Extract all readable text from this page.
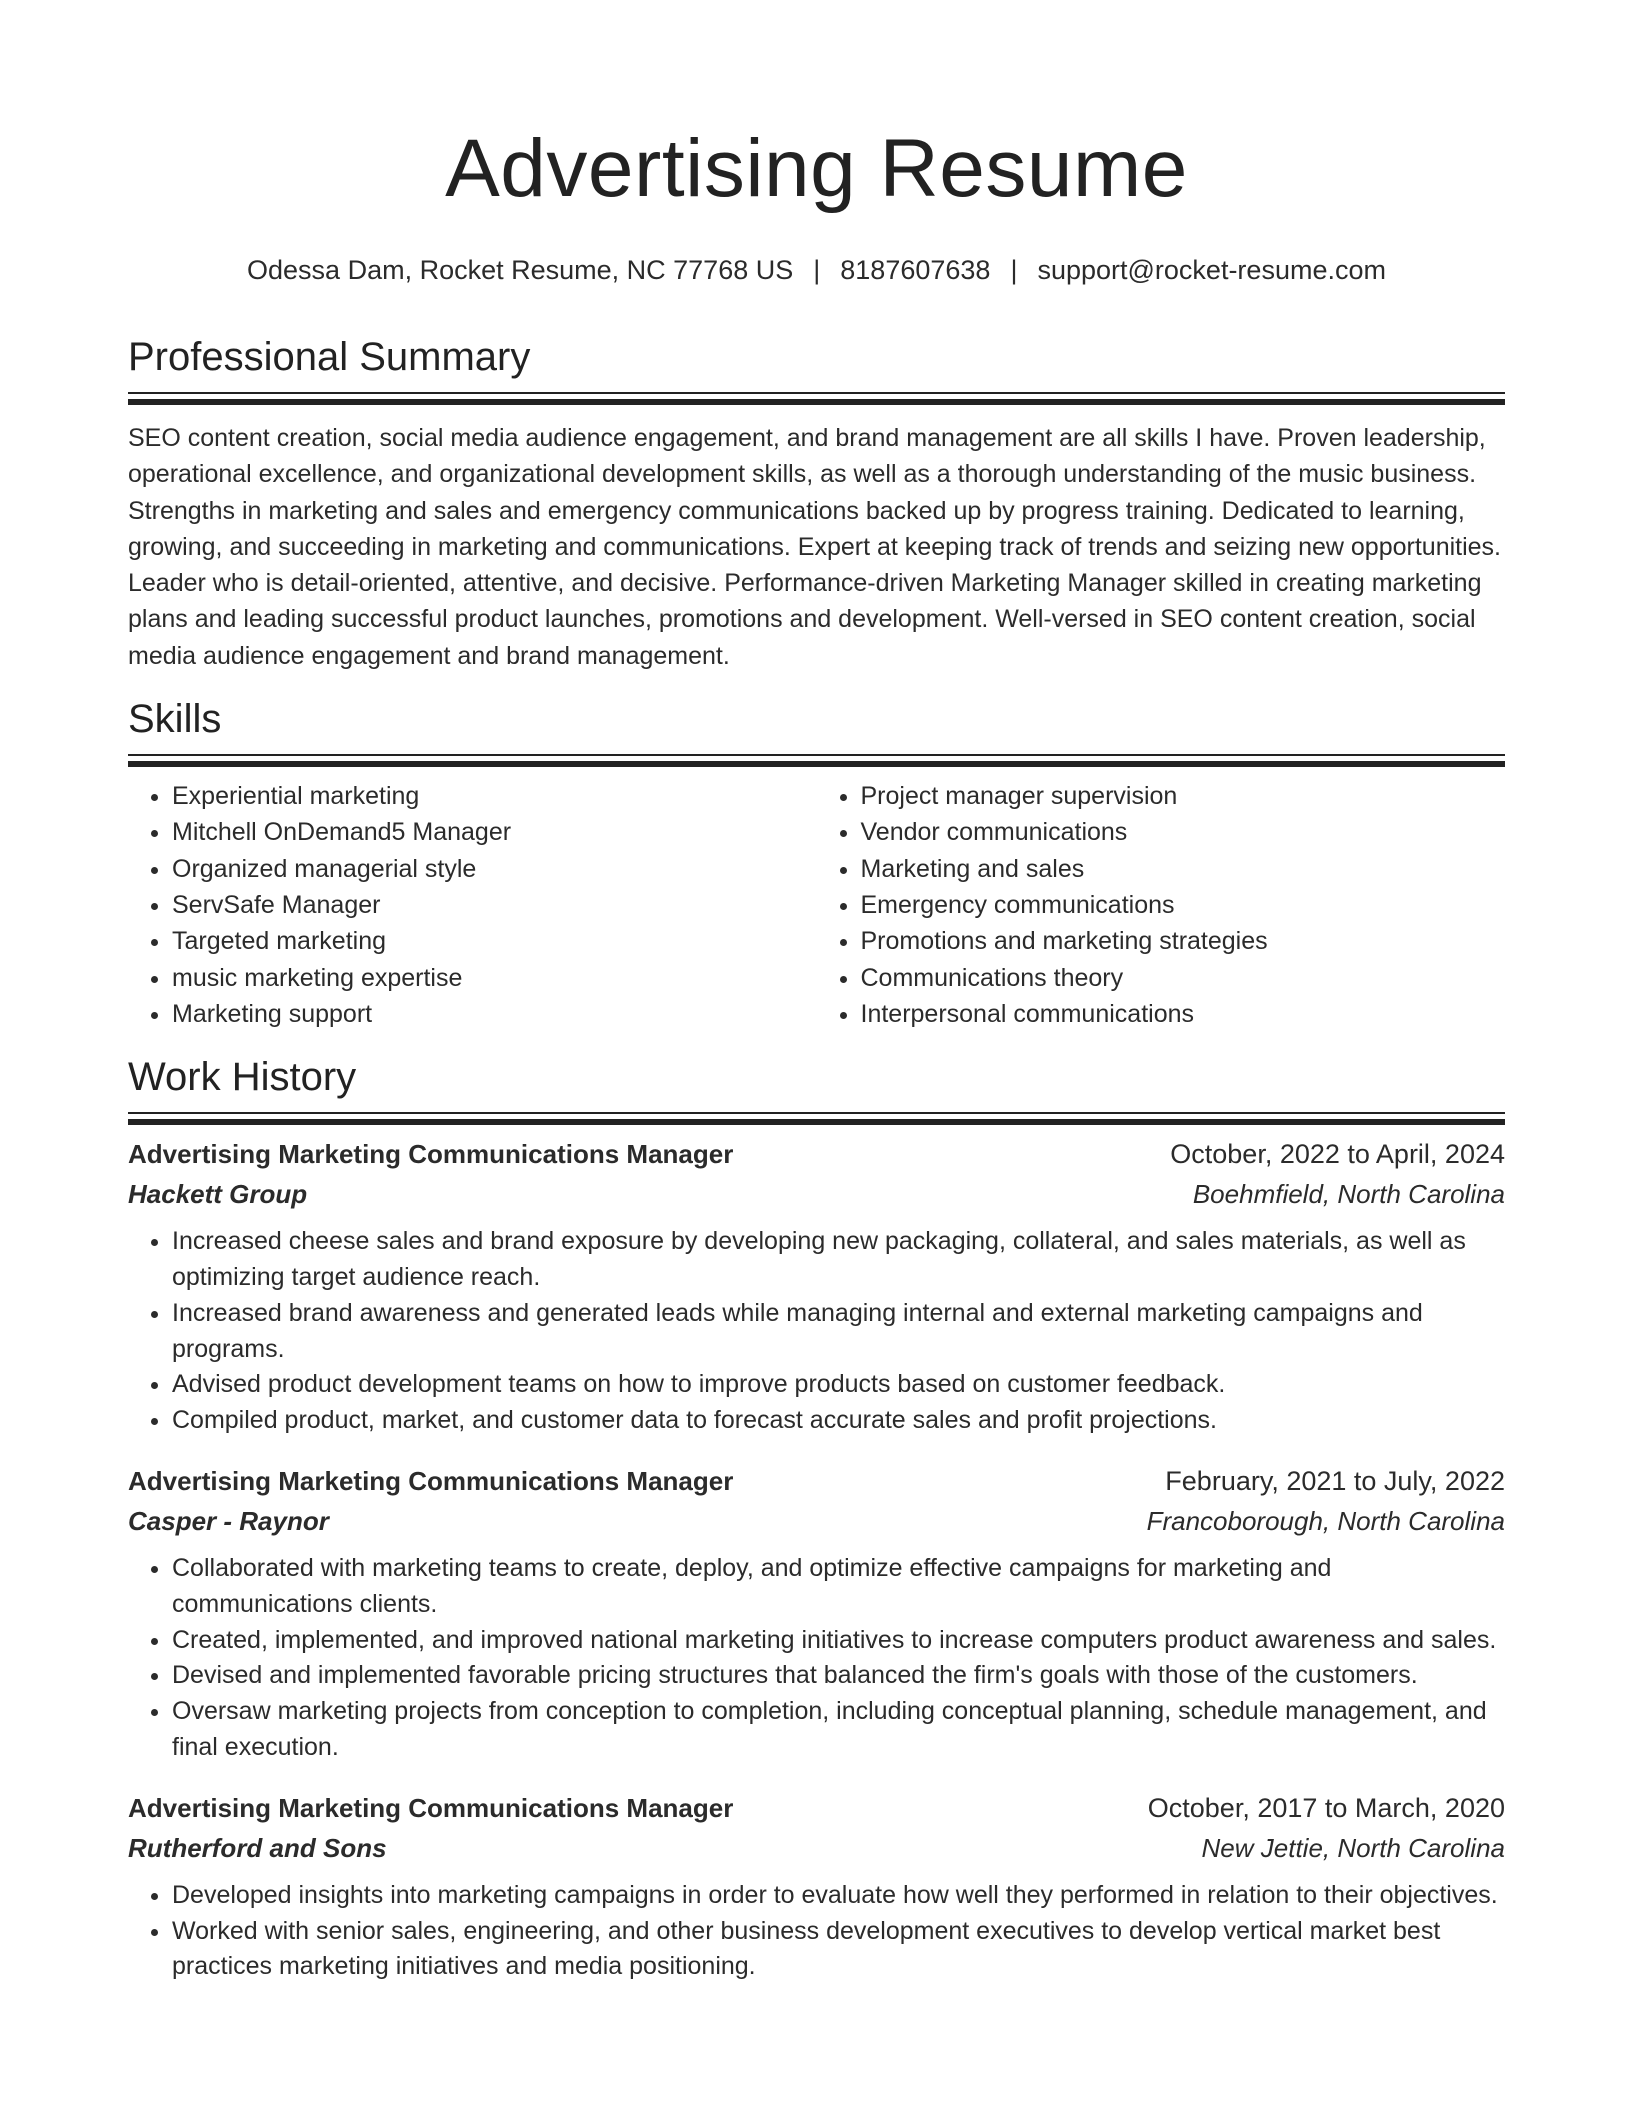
Advertising Resume
Odessa Dam, Rocket Resume, NC 77768 US | 8187607638 | support@rocket-resume.com
Professional Summary

SEO content creation, social media audience engagement, and brand management are all skills I have. Proven leadership, operational excellence, and organizational development skills, as well as a thorough understanding of the music business. Strengths in marketing and sales and emergency communications backed up by progress training. Dedicated to learning, growing, and succeeding in marketing and communications. Expert at keeping track of trends and seizing new opportunities. Leader who is detail-oriented, attentive, and decisive. Performance-driven Marketing Manager skilled in creating marketing plans and leading successful product launches, promotions and development. Well-versed in SEO content creation, social media audience engagement and brand management.

Skills
• Experiential marketing
• Mitchell OnDemand5 Manager
• Organized managerial style
• ServSafe Manager
• Targeted marketing
• music marketing expertise
• Marketing support
• Project manager supervision
• Vendor communications
• Marketing and sales
• Emergency communications
• Promotions and marketing strategies
• Communications theory
• Interpersonal communications
Work History
Advertising Marketing Communications Manager	October, 2022 to April, 2024
Hackett Group	Boehmfield, North Carolina
• Increased cheese sales and brand exposure by developing new packaging, collateral, and sales materials, as well as optimizing target audience reach.
• Increased brand awareness and generated leads while managing internal and external marketing campaigns and programs.
• Advised product development teams on how to improve products based on customer feedback.
• Compiled product, market, and customer data to forecast accurate sales and profit projections.
Advertising Marketing Communications Manager	February, 2021 to July, 2022
Casper - Raynor	Francoborough, North Carolina
• Collaborated with marketing teams to create, deploy, and optimize effective campaigns for marketing and communications clients.
• Created, implemented, and improved national marketing initiatives to increase computers product awareness and sales.
• Devised and implemented favorable pricing structures that balanced the firm's goals with those of the customers.
• Oversaw marketing projects from conception to completion, including conceptual planning, schedule management, and final execution.
Advertising Marketing Communications Manager	October, 2017 to March, 2020
Rutherford and Sons	New Jettie, North Carolina
• Developed insights into marketing campaigns in order to evaluate how well they performed in relation to their objectives.
• Worked with senior sales, engineering, and other business development executives to develop vertical market best practices marketing initiatives and media positioning.
